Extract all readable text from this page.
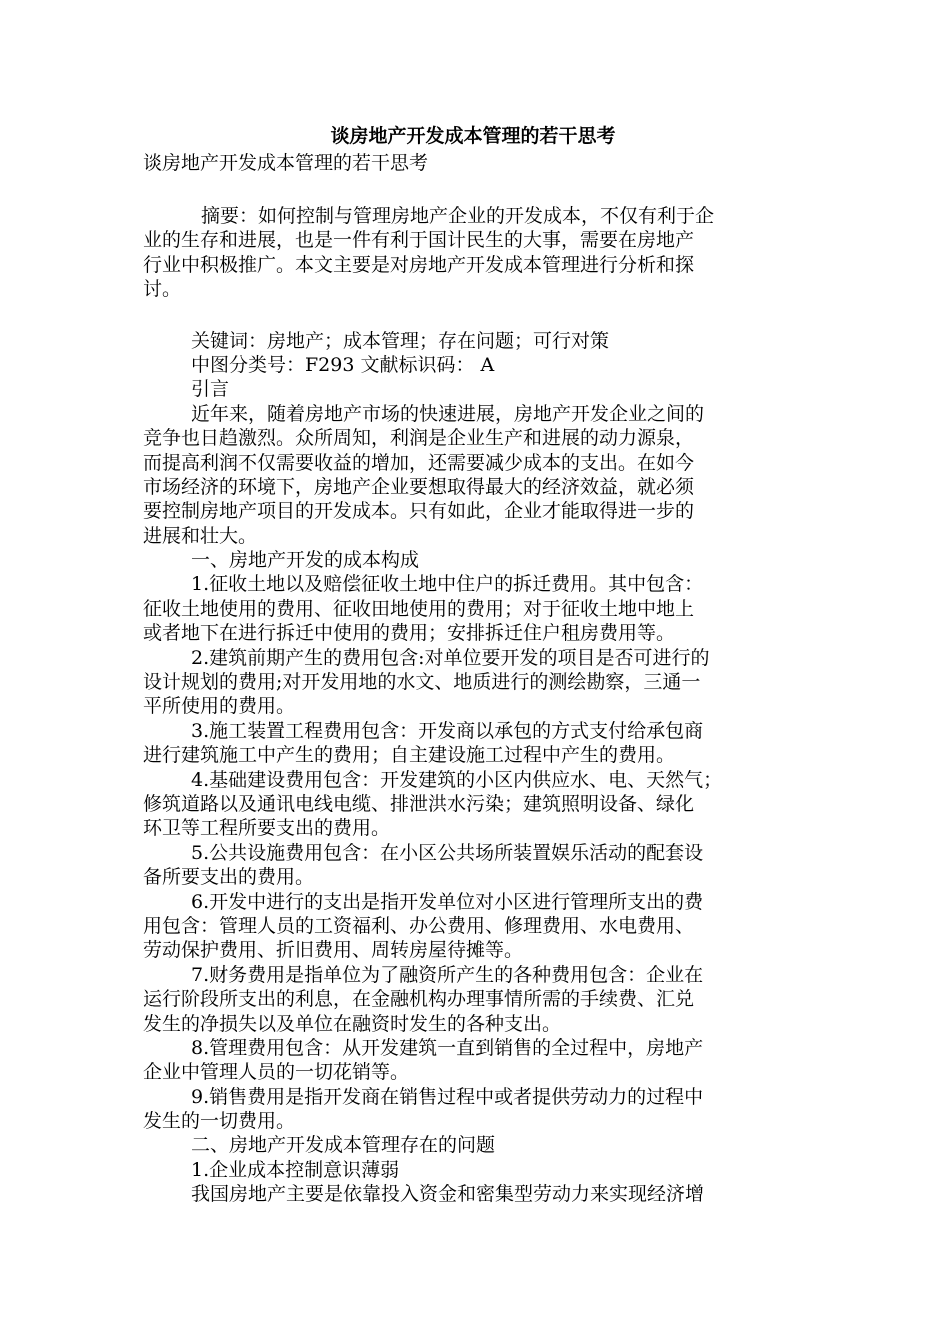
谈房地产开发成本管理的若干思考

谈房地产开发成本管理的若干思考

摘要：如何控制与管理房地产企业的开发成本，不仅有利于企
业的生存和进展，也是一件有利于国计民生的大事，需要在房地产
行业中积极推广。本文主要是对房地产开发成本管理进行分析和探
讨。

关键词：房地产；成本管理；存在问题；可行对策

中图分类号：F293 文献标识码： A

引言

近年来，随着房地产市场的快速进展，房地产开发企业之间的
竞争也日趋激烈。众所周知，利润是企业生产和进展的动力源泉，
而提高利润不仅需要收益的增加，还需要减少成本的支出。在如今
市场经济的环境下，房地产企业要想取得最大的经济效益，就必须
要控制房地产项目的开发成本。只有如此，企业才能取得进一步的
进展和壮大。

一、房地产开发的成本构成

1.征收土地以及赔偿征收土地中住户的拆迁费用。其中包含：
征收土地使用的费用、征收田地使用的费用；对于征收土地中地上
或者地下在进行拆迁中使用的费用；安排拆迁住户租房费用等。

2.建筑前期产生的费用包含:对单位要开发的项目是否可进行的
设计规划的费用;对开发用地的水文、地质进行的测绘勘察，三通一
平所使用的费用。

3.施工装置工程费用包含：开发商以承包的方式支付给承包商
进行建筑施工中产生的费用；自主建设施工过程中产生的费用。

4.基础建设费用包含：开发建筑的小区内供应水、电、天然气；
修筑道路以及通讯电线电缆、排泄洪水污染；建筑照明设备、绿化
环卫等工程所要支出的费用。

5.公共设施费用包含：在小区公共场所装置娱乐活动的配套设
备所要支出的费用。

6.开发中进行的支出是指开发单位对小区进行管理所支出的费
用包含：管理人员的工资福利、办公费用、修理费用、水电费用、
劳动保护费用、折旧费用、周转房屋待摊等。

7.财务费用是指单位为了融资所产生的各种费用包含：企业在
运行阶段所支出的利息，在金融机构办理事情所需的手续费、汇兑
发生的净损失以及单位在融资时发生的各种支出。

8.管理费用包含：从开发建筑一直到销售的全过程中，房地产
企业中管理人员的一切花销等。

9.销售费用是指开发商在销售过程中或者提供劳动力的过程中
发生的一切费用。

二、房地产开发成本管理存在的问题

1.企业成本控制意识薄弱

我国房地产主要是依靠投入资金和密集型劳动力来实现经济增
